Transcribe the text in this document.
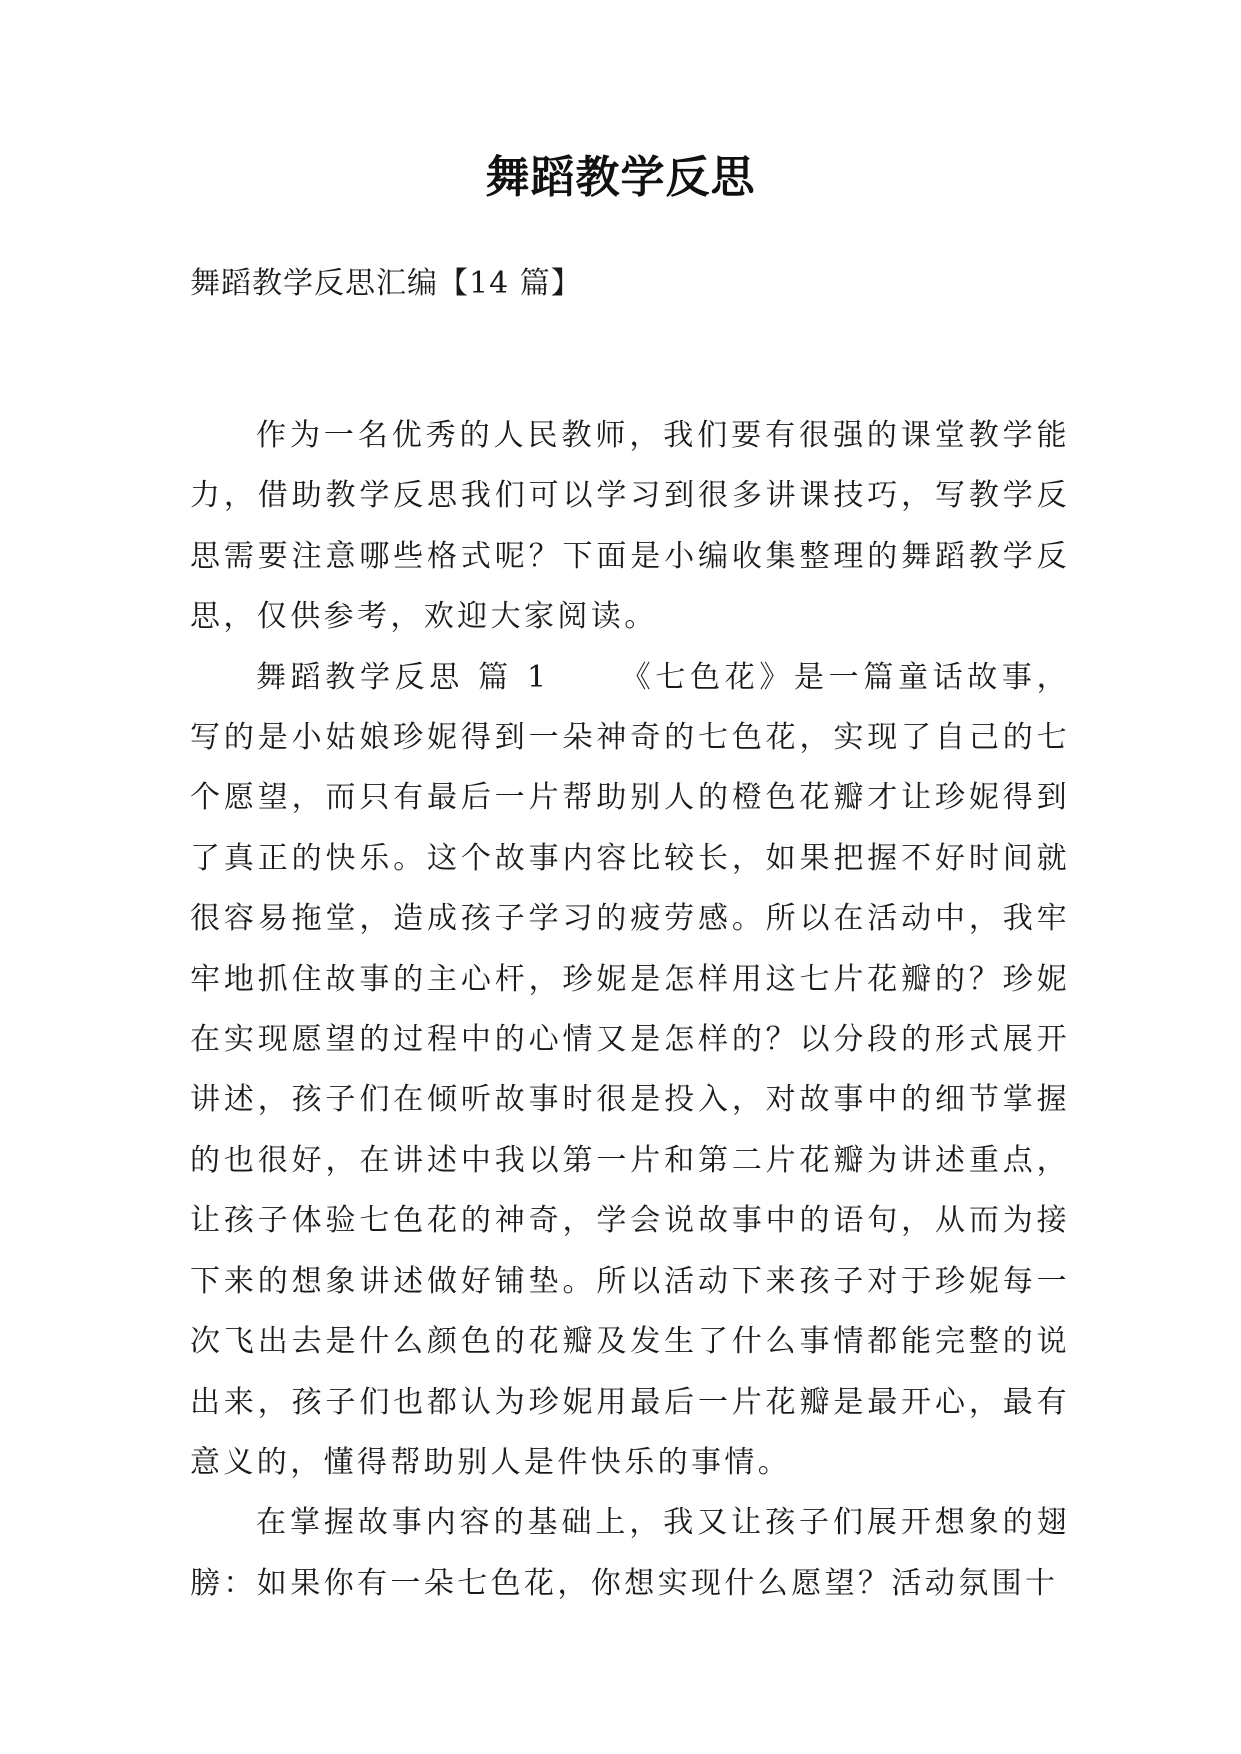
舞蹈教学反思
舞蹈教学反思汇编【14 篇】

作为一名优秀的人民教师，我们要有很强的课堂教学能力，借助教学反思我们可以学习到很多讲课技巧，写教学反思需要注意哪些格式呢？下面是小编收集整理的舞蹈教学反思，仅供参考，欢迎大家阅读。

舞蹈教学反思 篇 1 《七色花》是一篇童话故事，写的是小姑娘珍妮得到一朵神奇的七色花，实现了自己的七个愿望，而只有最后一片帮助别人的橙色花瓣才让珍妮得到了真正的快乐。这个故事内容比较长，如果把握不好时间就很容易拖堂，造成孩子学习的疲劳感。所以在活动中，我牢牢地抓住故事的主心杆，珍妮是怎样用这七片花瓣的？珍妮在实现愿望的过程中的心情又是怎样的？以分段的形式展开讲述，孩子们在倾听故事时很是投入，对故事中的细节掌握的也很好，在讲述中我以第一片和第二片花瓣为讲述重点，让孩子体验七色花的神奇，学会说故事中的语句，从而为接下来的想象讲述做好铺垫。所以活动下来孩子对于珍妮每一次飞出去是什么颜色的花瓣及发生了什么事情都能完整的说出来，孩子们也都认为珍妮用最后一片花瓣是最开心，最有意义的，懂得帮助别人是件快乐的事情。

在掌握故事内容的基础上，我又让孩子们展开想象的翅膀：如果你有一朵七色花，你想实现什么愿望？活动氛围十
